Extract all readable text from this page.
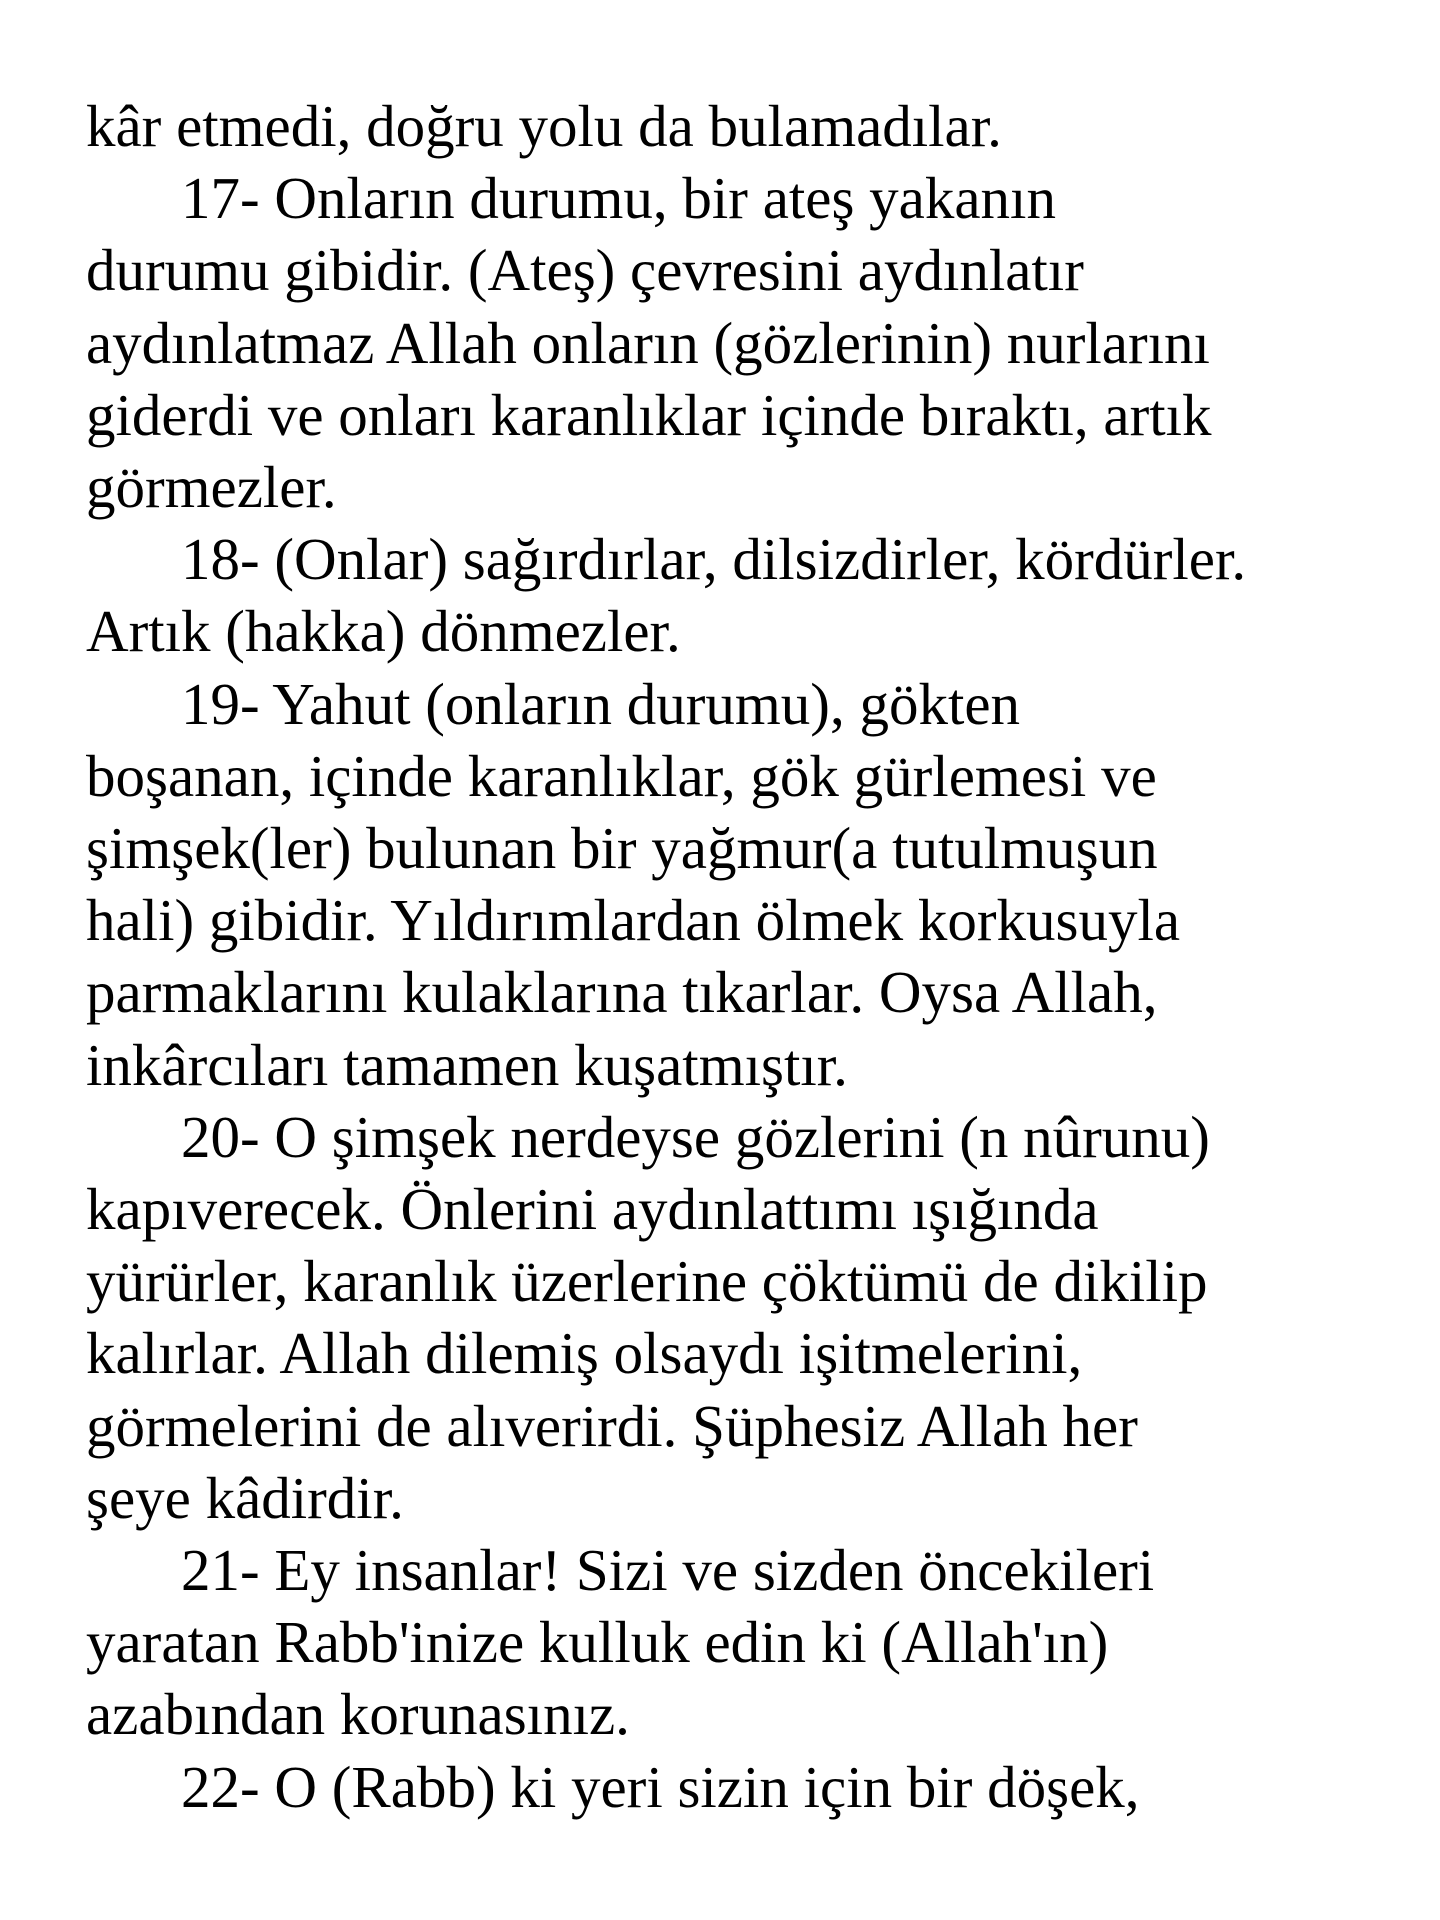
kâr etmedi, doğru yolu da bulamadılar.
17- Onların durumu, bir ateş yakanın
durumu gibidir. (Ateş) çevresini aydınlatır
aydınlatmaz Allah onların (gözlerinin) nurlarını
giderdi ve onları karanlıklar içinde bıraktı, artık
görmezler.
18- (Onlar) sağırdırlar, dilsizdirler, kördürler.
Artık (hakka) dönmezler.
19- Yahut (onların durumu), gökten
boşanan, içinde karanlıklar, gök gürlemesi ve
şimşek(ler) bulunan bir yağmur(a tutulmuşun
hali) gibidir. Yıldırımlardan ölmek korkusuyla
parmaklarını kulaklarına tıkarlar. Oysa Allah,
inkârcıları tamamen kuşatmıştır.
20- O şimşek nerdeyse gözlerini (n nûrunu)
kapıverecek. Önlerini aydınlattımı ışığında
yürürler, karanlık üzerlerine çöktümü de dikilip
kalırlar. Allah dilemiş olsaydı işitmelerini,
görmelerini de alıverirdi. Şüphesiz Allah her
şeye kâdirdir.
21- Ey insanlar! Sizi ve sizden öncekileri
yaratan Rabb'inize kulluk edin ki (Allah'ın)
azabından korunasınız.
22- O (Rabb) ki yeri sizin için bir döşek,
